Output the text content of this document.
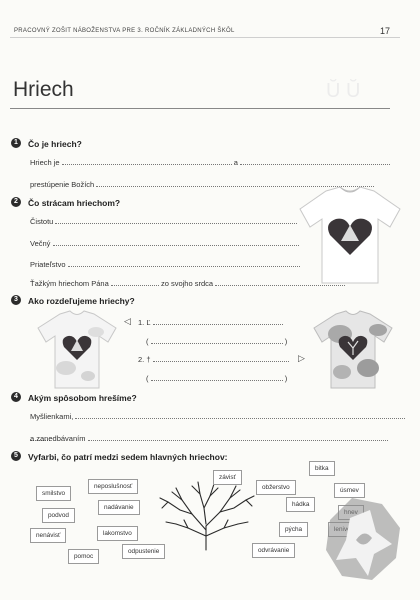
PRACOVNÝ ZOŠIT NÁBOŽENSTVA PRE 3. ROČNÍK ZÁKLADNÝCH ŠKÔL	17
Ŭ Ŭ
Hriech
1	Čo je hriech?
Hriech je	a
prestúpenie Božích
2	Čo strácam hriechom?
Čistotu
Večný
Priateľstvo
Ťažkým hriechom Pána	zo svojho srdca
3	Ako rozdeľujeme hriechy?
◁ 1. Ľ
(	)
2. †	▷
(	)
4	Akým spôsobom hrešíme?
Myšlienkami,
a zanedbávaním
5	Vyfarbi, čo patrí medzi sedem hlavných hriechov:
neposlušnosť
závisť
bitka
smilstvo
obžerstvo	úsmev
nadávanie	hádka
podvod
nenávisť	lakomstvo
pýcha
pomoc
odpustenie	odvrávanie
